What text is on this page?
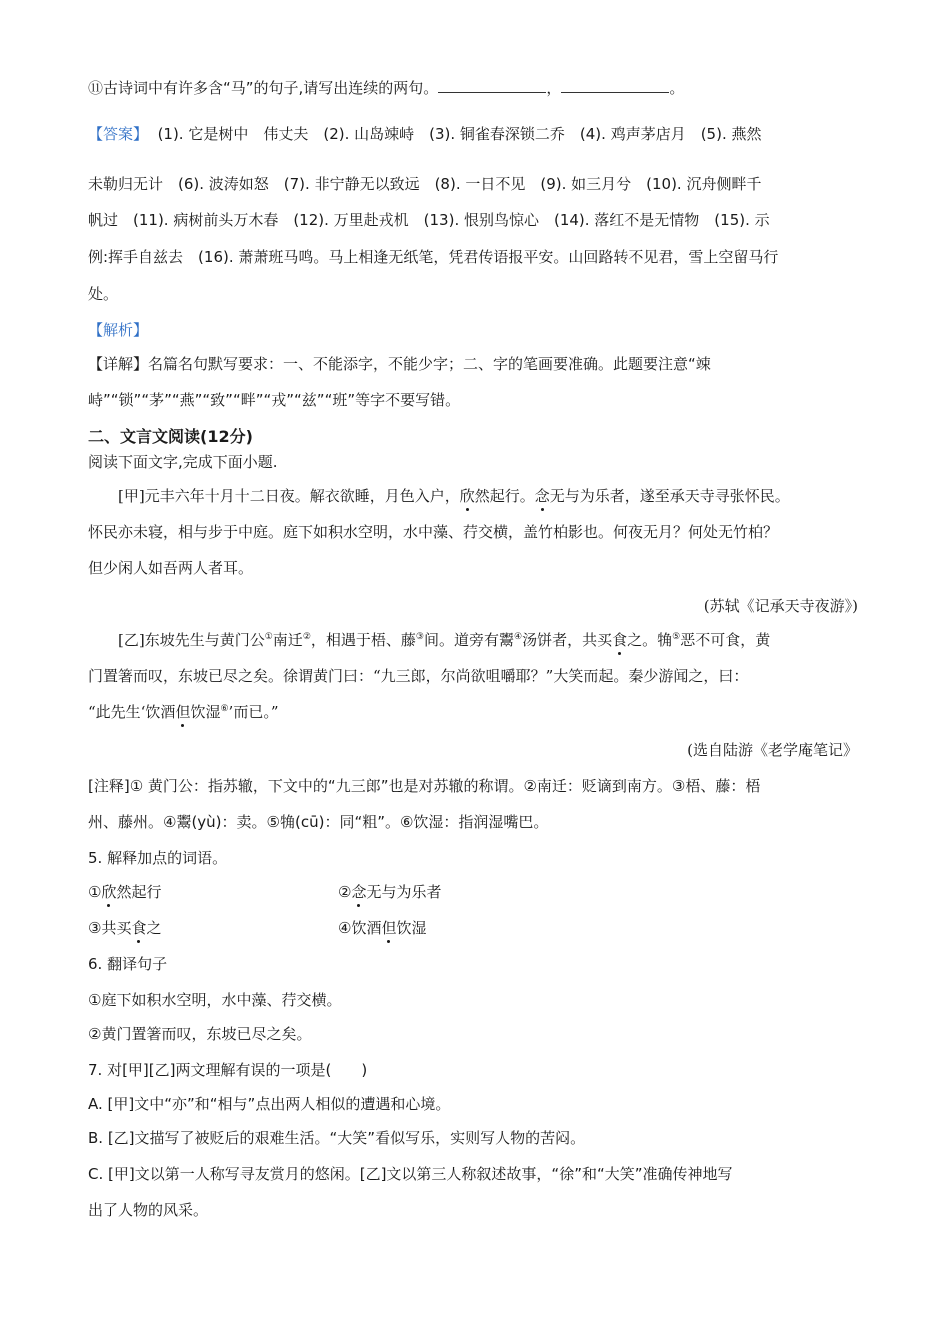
⑪古诗词中有许多含“马”的句子,请写出连续的两句。	，	。
【答案】 (1). 它是树中　伟丈夫　(2). 山岛竦峙　(3). 铜雀春深锁二乔　(4). 鸡声茅店月　(5). 燕然
未勒归无计　(6). 波涛如怒　(7). 非宁静无以致远　(8). 一日不见　(9). 如三月兮　(10). 沉舟侧畔千
帆过　(11). 病树前头万木春　(12). 万里赴戎机　(13). 恨别鸟惊心　(14). 落红不是无情物　(15). 示
例:挥手自兹去　(16). 萧萧班马鸣。马上相逢无纸笔，凭君传语报平安。山回路转不见君，雪上空留马行
处。
【解析】
【详解】名篇名句默写要求：一、不能添字，不能少字；二、字的笔画要准确。此题要注意“竦
峙”“锁”“茅”“燕”“致”“畔”“戎”“兹”“班”等字不要写错。
二、文言文阅读(12分)
阅读下面文字,完成下面小题.
[甲]元丰六年十月十二日夜。解衣欲睡，月色入户，欣然起行。念无与为乐者，遂至承天寺寻张怀民。
怀民亦未寝，相与步于中庭。庭下如积水空明，水中藻、荇交横，盖竹柏影也。何夜无月？何处无竹柏？
但少闲人如吾两人者耳。
(苏轼《记承天寺夜游》)
[乙]东坡先生与黄门公①南迁②，相遇于梧、藤③间。道旁有鬻④汤饼者，共买食之。觕⑤恶不可食，黄
门置箸而叹，东坡已尽之矣。徐谓黄门曰：“九三郎，尔尚欲咀嚼耶？”大笑而起。秦少游闻之，曰：
“此先生‘饮酒但饮湿⑥’而已。”
(选自陆游《老学庵笔记》
[注释]① 黄门公：指苏辙，下文中的“九三郎”也是对苏辙的称谓。②南迁：贬谪到南方。③梧、藤：梧
州、藤州。④鬻(yù)：卖。⑤觕(cū)：同“粗”。⑥饮湿：指润湿嘴巴。
5. 解释加点的词语。
①欣然起行	②念无与为乐者
③共买食之	④饮酒但饮湿
6. 翻译句子
①庭下如积水空明，水中藻、荇交横。
②黄门置箸而叹，东坡已尽之矣。
7. 对[甲][乙]两文理解有误的一项是(　　)
A. [甲]文中“亦”和“相与”点出两人相似的遭遇和心境。
B. [乙]文描写了被贬后的艰难生活。“大笑”看似写乐，实则写人物的苦闷。
C. [甲]文以第一人称写寻友赏月的悠闲。[乙]文以第三人称叙述故事，“徐”和“大笑”准确传神地写
出了人物的风采。
